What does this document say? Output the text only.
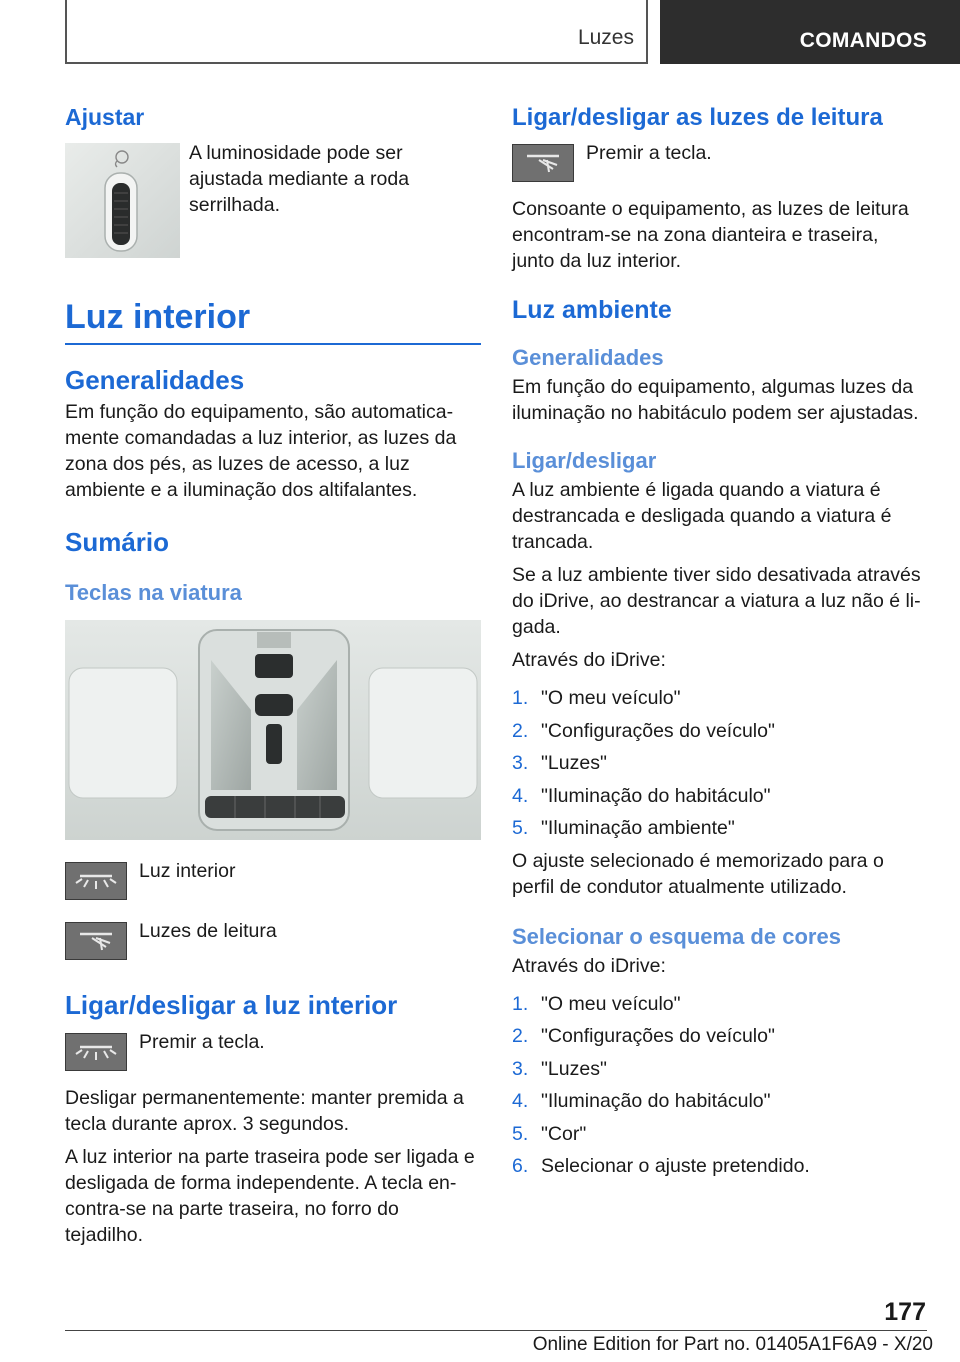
Luzes	COMANDOS
Ajustar

A luminosidade pode ser ajustada mediante a roda serrilhada.

Luz interior
Generalidades

Em função do equipamento, são automaticamente comandadas a luz interior, as luzes da zona dos pés, as luzes de acesso, a luz ambiente e a iluminação dos altifalantes.

Sumário
Teclas na viatura

Luz interior

Luzes de leitura

Ligar/desligar a luz interior

Premir a tecla.

Desligar permanentemente: manter premida a tecla durante aprox. 3 segundos.

A luz interior na parte traseira pode ser ligada e desligada de forma independente. A tecla encontra-se na parte traseira, no forro do tejadilho.

Ligar/desligar as luzes de leitura

Premir a tecla.

Consoante o equipamento, as luzes de leitura encontram-se na zona dianteira e traseira, junto da luz interior.

Luz ambiente
Generalidades

Em função do equipamento, algumas luzes da iluminação no habitáculo podem ser ajustadas.

Ligar/desligar

A luz ambiente é ligada quando a viatura é destrancada e desligada quando a viatura é trancada.

Se a luz ambiente tiver sido desativada através do iDrive, ao destrancar a viatura a luz não é ligada.

Através do iDrive:

1. "O meu veículo"
2. "Configurações do veículo"
3. "Luzes"
4. "Iluminação do habitáculo"
5. "Iluminação ambiente"

O ajuste selecionado é memorizado para o perfil de condutor atualmente utilizado.

Selecionar o esquema de cores

Através do iDrive:

1. "O meu veículo"
2. "Configurações do veículo"
3. "Luzes"
4. "Iluminação do habitáculo"
5. "Cor"
6. Selecionar o ajuste pretendido.
177
Online Edition for Part no. 01405A1F6A9 - X/20
